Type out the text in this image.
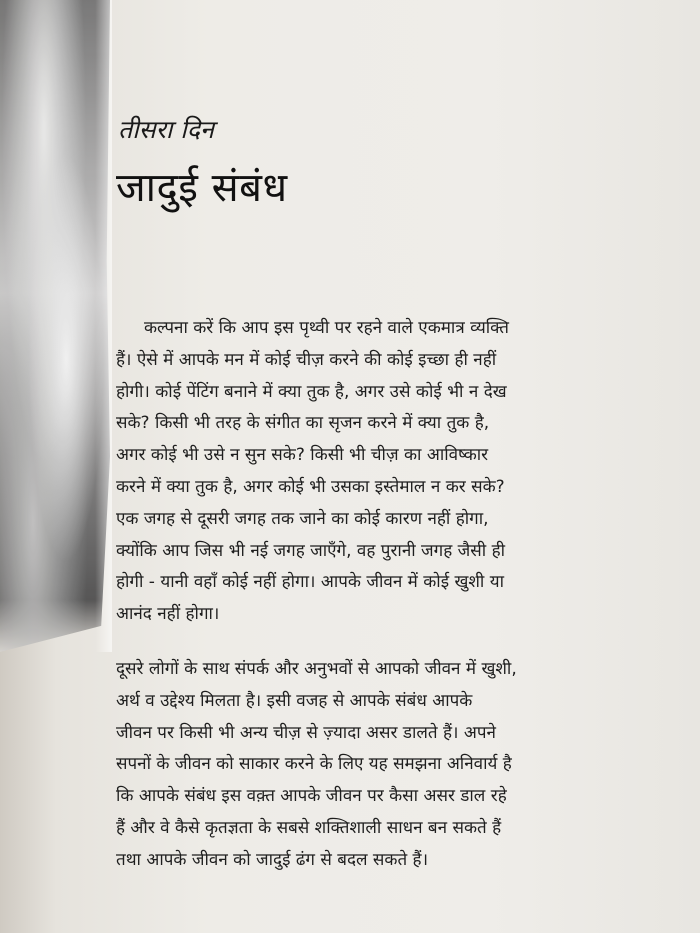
तीसरा दिन
जादुई संबंध

कल्पना करें कि आप इस पृथ्वी पर रहने वाले एकमात्र व्यक्ति
हैं। ऐसे में आपके मन में कोई चीज़ करने की कोई इच्छा ही नहीं
होगी। कोई पेंटिंग बनाने में क्या तुक है, अगर उसे कोई भी न देख
सके? किसी भी तरह के संगीत का सृजन करने में क्या तुक है,
अगर कोई भी उसे न सुन सके? किसी भी चीज़ का आविष्कार
करने में क्या तुक है, अगर कोई भी उसका इस्तेमाल न कर सके?
एक जगह से दूसरी जगह तक जाने का कोई कारण नहीं होगा,
क्योंकि आप जिस भी नई जगह जाएँगे, वह पुरानी जगह जैसी ही
होगी - यानी वहाँ कोई नहीं होगा। आपके जीवन में कोई खुशी या
आनंद नहीं होगा।

दूसरे लोगों के साथ संपर्क और अनुभवों से आपको जीवन में खुशी,
अर्थ व उद्देश्य मिलता है। इसी वजह से आपके संबंध आपके
जीवन पर किसी भी अन्य चीज़ से ज़्यादा असर डालते हैं। अपने
सपनों के जीवन को साकार करने के लिए यह समझना अनिवार्य है
कि आपके संबंध इस वक़्त आपके जीवन पर कैसा असर डाल रहे
हैं और वे कैसे कृतज्ञता के सबसे शक्तिशाली साधन बन सकते हैं
तथा आपके जीवन को जादुई ढंग से बदल सकते हैं।
